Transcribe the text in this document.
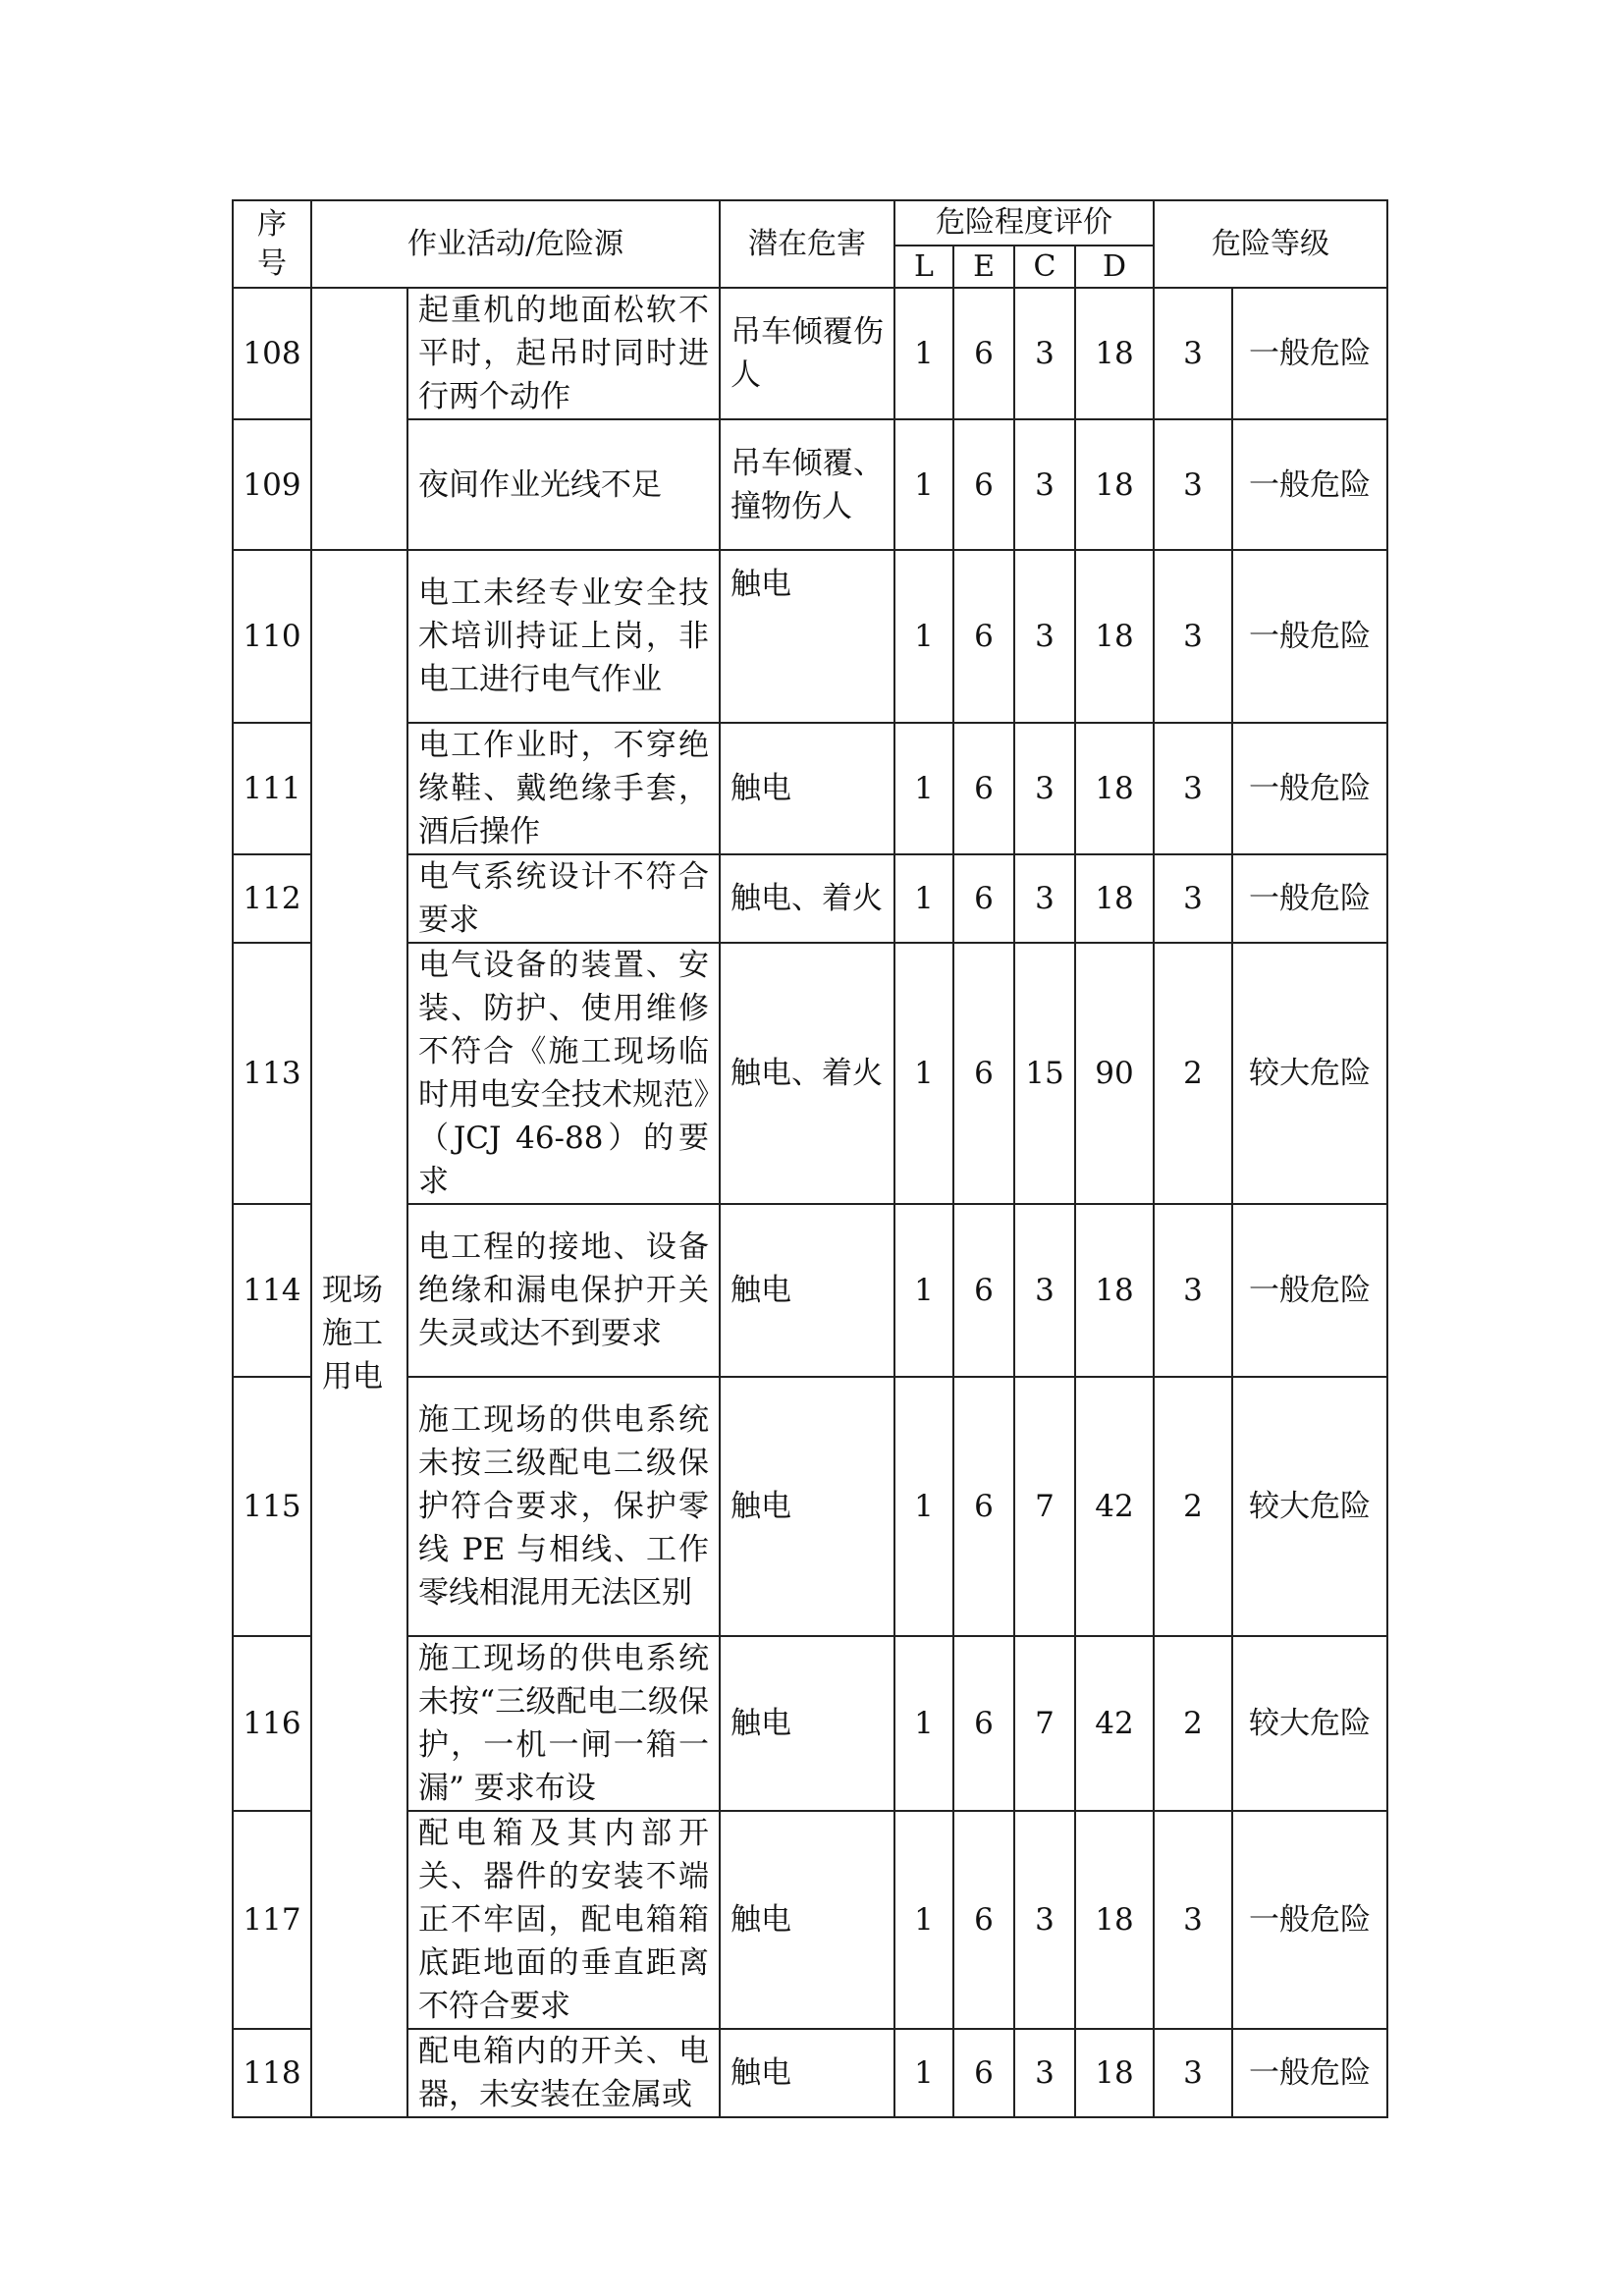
序号	作业活动/危险源		潜在危害	危险程度评价				危险等级	
				L	E	C	D		
108		起重机的地面松软不平时，起吊时同时进行两个动作	吊车倾覆伤人	1	6	3	18	3	一般危险
109		夜间作业光线不足	吊车倾覆、撞物伤人	1	6	3	18	3	一般危险
110	现场施工用电	电工未经专业安全技术培训持证上岗，非电工进行电气作业	触电	1	6	3	18	3	一般危险
111		电工作业时，不穿绝缘鞋、戴绝缘手套，酒后操作	触电	1	6	3	18	3	一般危险
112		电气系统设计不符合要求	触电、着火	1	6	3	18	3	一般危险
113		电气设备的装置、安装、防护、使用维修不符合《施工现场临时用电安全技术规范》（JCJ 46-88）的要求	触电、着火	1	6	15	90	2	较大危险
114		电工程的接地、设备绝缘和漏电保护开关失灵或达不到要求	触电	1	6	3	18	3	一般危险
115		施工现场的供电系统未按三级配电二级保护符合要求，保护零线 PE 与相线、工作零线相混用无法区别	触电	1	6	7	42	2	较大危险
116		施工现场的供电系统未按“三级配电二级保护，一机一闸一箱一漏” 要求布设	触电	1	6	7	42	2	较大危险
117		配电箱及其内部开关、器件的安装不端正不牢固，配电箱箱底距地面的垂直距离不符合要求	触电	1	6	3	18	3	一般危险
118		配电箱内的开关、电器，未安装在金属或	触电	1	6	3	18	3	一般危险
